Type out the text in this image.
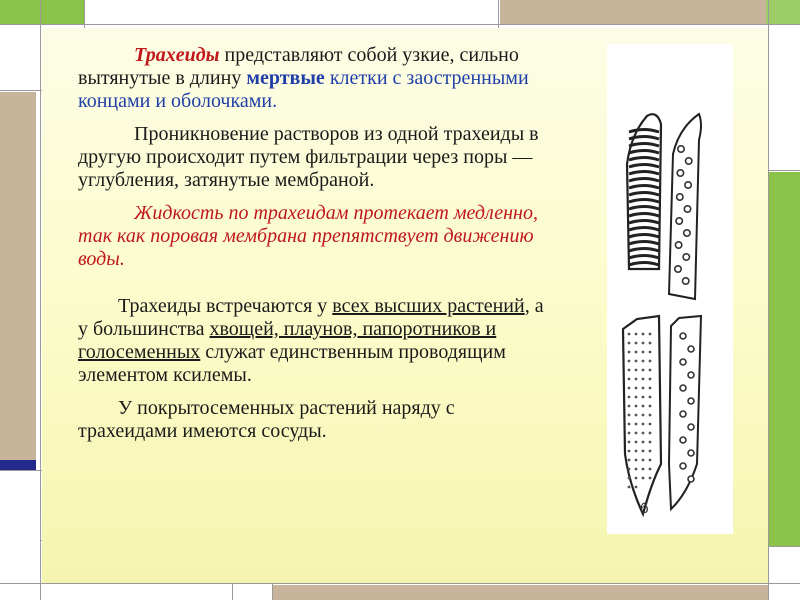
Трахеиды представляют собой узкие, сильно вытянутые в длину мертвые клетки с заостренными концами и оболочками.

Проникновение растворов из одной трахеиды в другую происходит путем фильтрации через поры — углубления, затянутые мембраной.

Жидкость по трахеидам протекает медленно, так как поровая мембрана препятствует движению воды.

Трахеиды встречаются у всех высших растений, а у большинства хвощей, плаунов, папоротников и голосеменных служат единственным проводящим элементом ксилемы.

У покрытосеменных растений наряду с трахеидами имеются сосуды.

б
